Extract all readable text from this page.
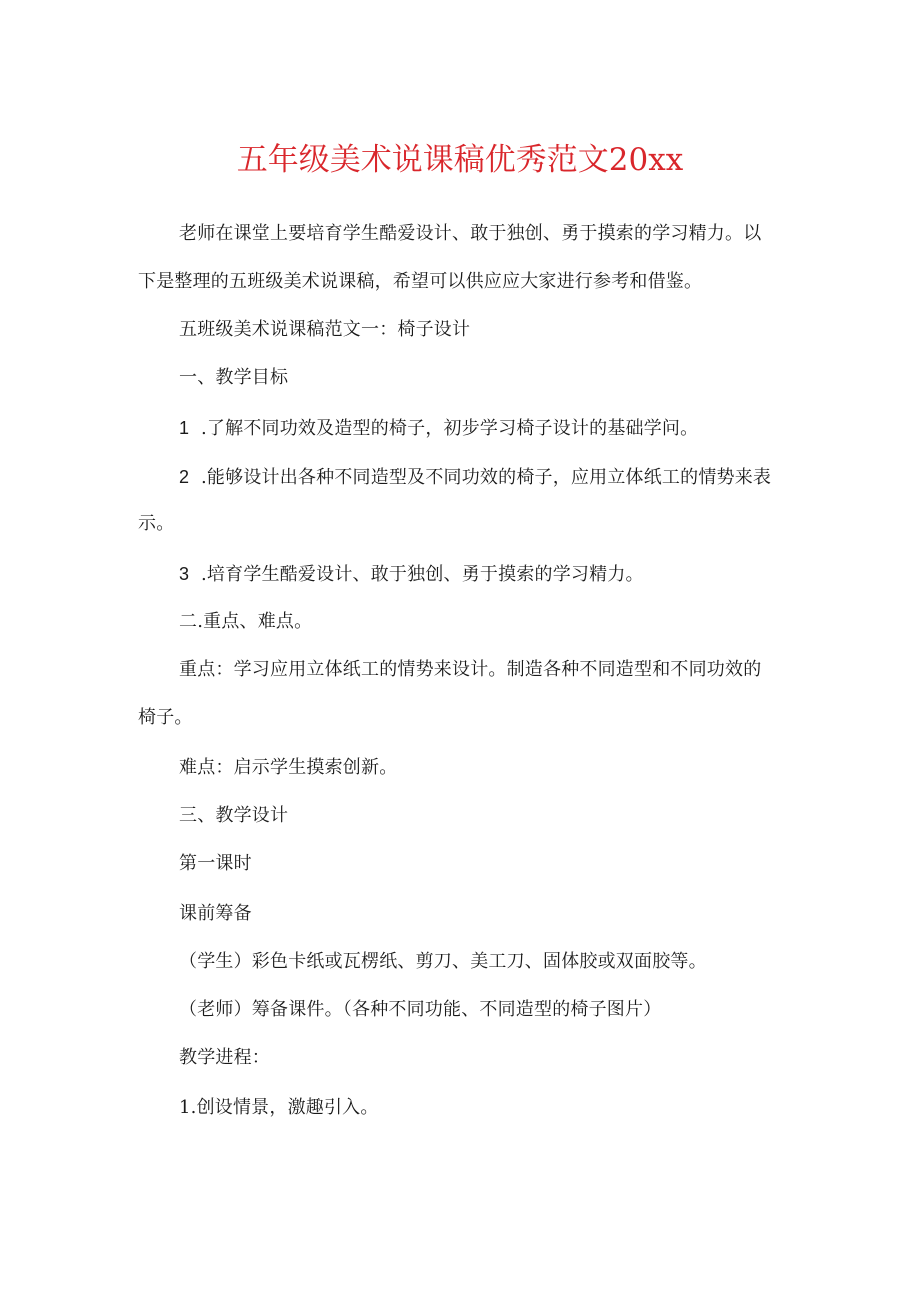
五年级美术说课稿优秀范文20xx

老师在课堂上要培育学生酷爱设计、敢于独创、勇于摸索的学习精力。以

下是整理的五班级美术说课稿，希望可以供应应大家进行参考和借鉴。

五班级美术说课稿范文一：椅子设计

一、教学目标

1 .了解不同功效及造型的椅子，初步学习椅子设计的基础学问。

2 .能够设计出各种不同造型及不同功效的椅子，应用立体纸工的情势来表

示。

3 .培育学生酷爱设计、敢于独创、勇于摸索的学习精力。

二.重点、难点。

重点：学习应用立体纸工的情势来设计。制造各种不同造型和不同功效的

椅子。

难点：启示学生摸索创新。

三、教学设计

第一课时

课前筹备

（学生）彩色卡纸或瓦楞纸、剪刀、美工刀、固体胶或双面胶等。

（老师）筹备课件。（各种不同功能、不同造型的椅子图片）

教学进程：

1.创设情景，激趣引入。
